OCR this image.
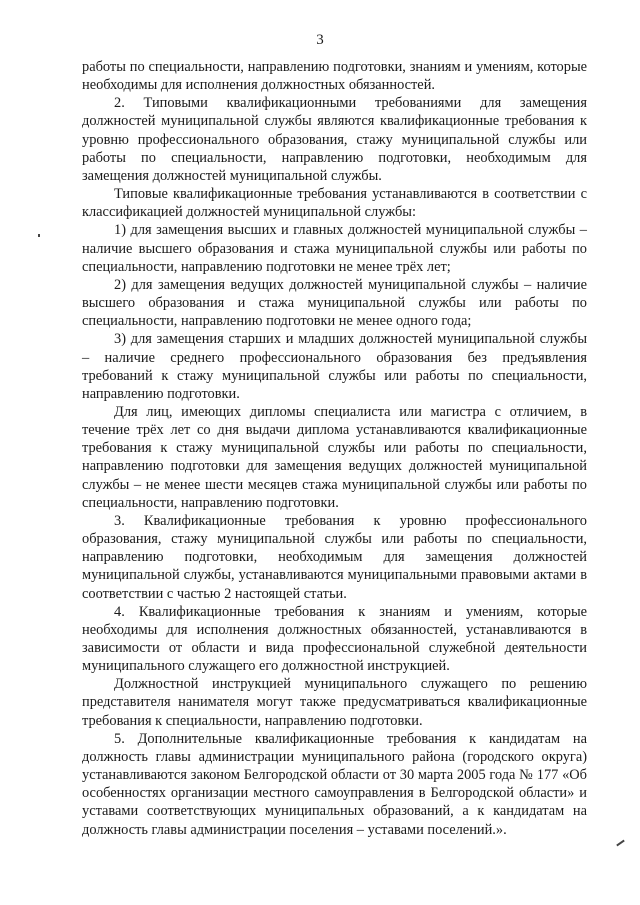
3

работы по специальности, направлению подготовки, знаниям и умениям, которые необходимы для исполнения должностных обязанностей.

2. Типовыми квалификационными требованиями для замещения должностей муниципальной службы являются квалификационные требования к уровню профессионального образования, стажу муниципальной службы или работы по специальности, направлению подготовки, необходимым для замещения должностей муниципальной службы.

Типовые квалификационные требования устанавливаются в соответствии с классификацией должностей муниципальной службы:

1) для замещения высших и главных должностей муниципальной службы – наличие высшего образования и стажа муниципальной службы или работы по специальности, направлению подготовки не менее трёх лет;

2) для замещения ведущих должностей муниципальной службы – наличие высшего образования и стажа муниципальной службы или работы по специальности, направлению подготовки не менее одного года;

3) для замещения старших и младших должностей муниципальной службы – наличие среднего профессионального образования без предъявления требований к стажу муниципальной службы или работы по специальности, направлению подготовки.

Для лиц, имеющих дипломы специалиста или магистра с отличием, в течение трёх лет со дня выдачи диплома устанавливаются квалификационные требования к стажу муниципальной службы или работы по специальности, направлению подготовки для замещения ведущих должностей муниципальной службы – не менее шести месяцев стажа муниципальной службы или работы по специальности, направлению подготовки.

3. Квалификационные требования к уровню профессионального образования, стажу муниципальной службы или работы по специальности, направлению подготовки, необходимым для замещения должностей муниципальной службы, устанавливаются муниципальными правовыми актами в соответствии с частью 2 настоящей статьи.

4. Квалификационные требования к знаниям и умениям, которые необходимы для исполнения должностных обязанностей, устанавливаются в зависимости от области и вида профессиональной служебной деятельности муниципального служащего его должностной инструкцией.

Должностной инструкцией муниципального служащего по решению представителя нанимателя могут также предусматриваться квалификационные требования к специальности, направлению подготовки.

5. Дополнительные квалификационные требования к кандидатам на должность главы администрации муниципального района (городского округа) устанавливаются законом Белгородской области от 30 марта 2005 года № 177 «Об особенностях организации местного самоуправления в Белгородской области» и уставами соответствующих муниципальных образований, а к кандидатам на должность главы администрации поселения – уставами поселений.».
